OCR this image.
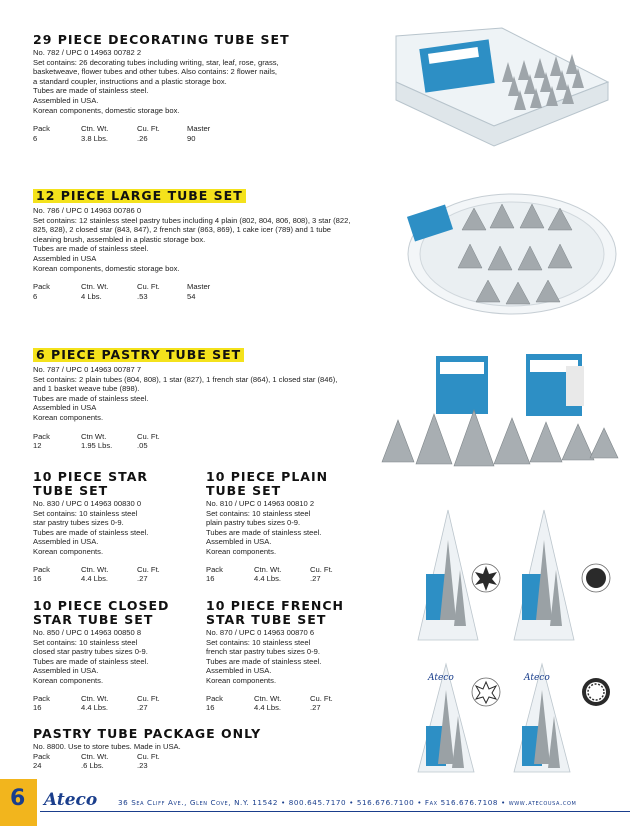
29 PIECE DECORATING TUBE SET
No. 782 / UPC 0 14963 00782 2
Set contains: 26 decorating tubes including writing, star, leaf, rose, grass,
basketweave, flower tubes and other tubes. Also contains: 2 flower nails,
a standard coupler, instructions and a plastic storage box.
Tubes are made of stainless steel.
Assembled in USA.
Korean components, domestic storage box.
Pack	Ctn. Wt.	Cu. Ft.	Master
6	3.8 Lbs.	.26	90
12 PIECE LARGE TUBE SET
No. 786 / UPC 0 14963 00786 0
Set contains: 12 stainless steel pastry tubes including 4 plain (802, 804, 806, 808), 3 star (822,
825, 828), 2 closed star (843, 847), 2 french star (863, 869), 1 cake icer (789) and 1 tube
cleaning brush, assembled in a plastic storage box.
Tubes are made of stainless steel.
Assembled in USA
Korean components, domestic storage box.
Pack	Ctn. Wt.	Cu. Ft.	Master
6	4 Lbs.	.53	54
6 PIECE PASTRY TUBE SET
No. 787 / UPC 0 14963 00787 7
Set contains: 2 plain tubes (804, 808), 1 star (827), 1 french star (864), 1 closed star (846),
and 1 basket weave tube (898).
Tubes are made of stainless steel.
Assembled in USA
Korean components.
Pack	Ctn Wt.	Cu. Ft.
12	1.95 Lbs.	.05
10 PIECE STAR
TUBE SET
No. 830 / UPC 0 14963 00830 0
Set contains: 10 stainless steel
star pastry tubes sizes 0-9.
Tubes are made of stainless steel.
Assembled in USA.
Korean components.
Pack	Ctn. Wt.	Cu. Ft.
16	4.4 Lbs.	.27
10 PIECE PLAIN
TUBE SET
No. 810 / UPC 0 14963 00810 2
Set contains: 10 stainless steel
plain pastry tubes sizes 0-9.
Tubes are made of stainless steel.
Assembled in USA.
Korean components.
Pack	Ctn. Wt.	Cu. Ft.
16	4.4 Lbs.	.27
10 PIECE CLOSED
STAR TUBE SET
No. 850 / UPC 0 14963 00850 8
Set contains: 10 stainless steel
closed star pastry tubes sizes 0-9.
Tubes are made of stainless steel.
Assembled in USA.
Korean components.
Pack	Ctn. Wt.	Cu. Ft.
16	4.4 Lbs.	.27
10 PIECE FRENCH
STAR TUBE SET
No. 870 / UPC 0 14963 00870 6
Set contains: 10 stainless steel
french star pastry tubes sizes 0-9.
Tubes are made of stainless steel.
Assembled in USA.
Korean components.
Pack	Ctn. Wt.	Cu. Ft.
16	4.4 Lbs.	.27
PASTRY TUBE PACKAGE ONLY
No. 8800. Use to store tubes. Made in USA.
Pack	Ctn. Wt.	Cu. Ft.
24	.6 Lbs.	.23
Ateco	Ateco
6 Ateco	36 Sea Cliff Ave., Glen Cove, N.Y. 11542 • 800.645.7170 • 516.676.7100 • Fax 516.676.7108 • www.atecousa.com
